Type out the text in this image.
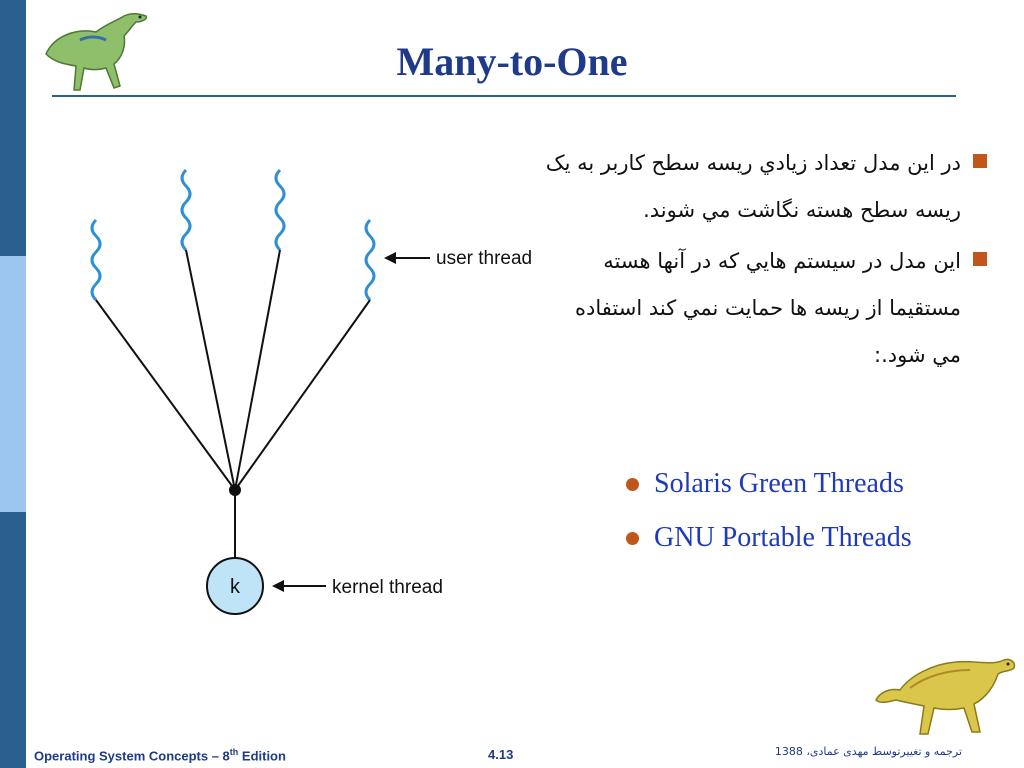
Many-to-One
k
user thread
kernel thread
در اين مدل تعداد زيادي ريسه سطح کاربر به يک ريسه سطح هسته نگاشت مي شوند.
اين مدل در سيستم هايي که در آنها هسته مستقيما از ريسه ها حمايت نمي کند استفاده مي شود.:
Solaris Green Threads
GNU Portable Threads
Operating System Concepts – 8th Edition	4.13	ترجمه و تغییرتوسط مهدی عمادی، 1388
